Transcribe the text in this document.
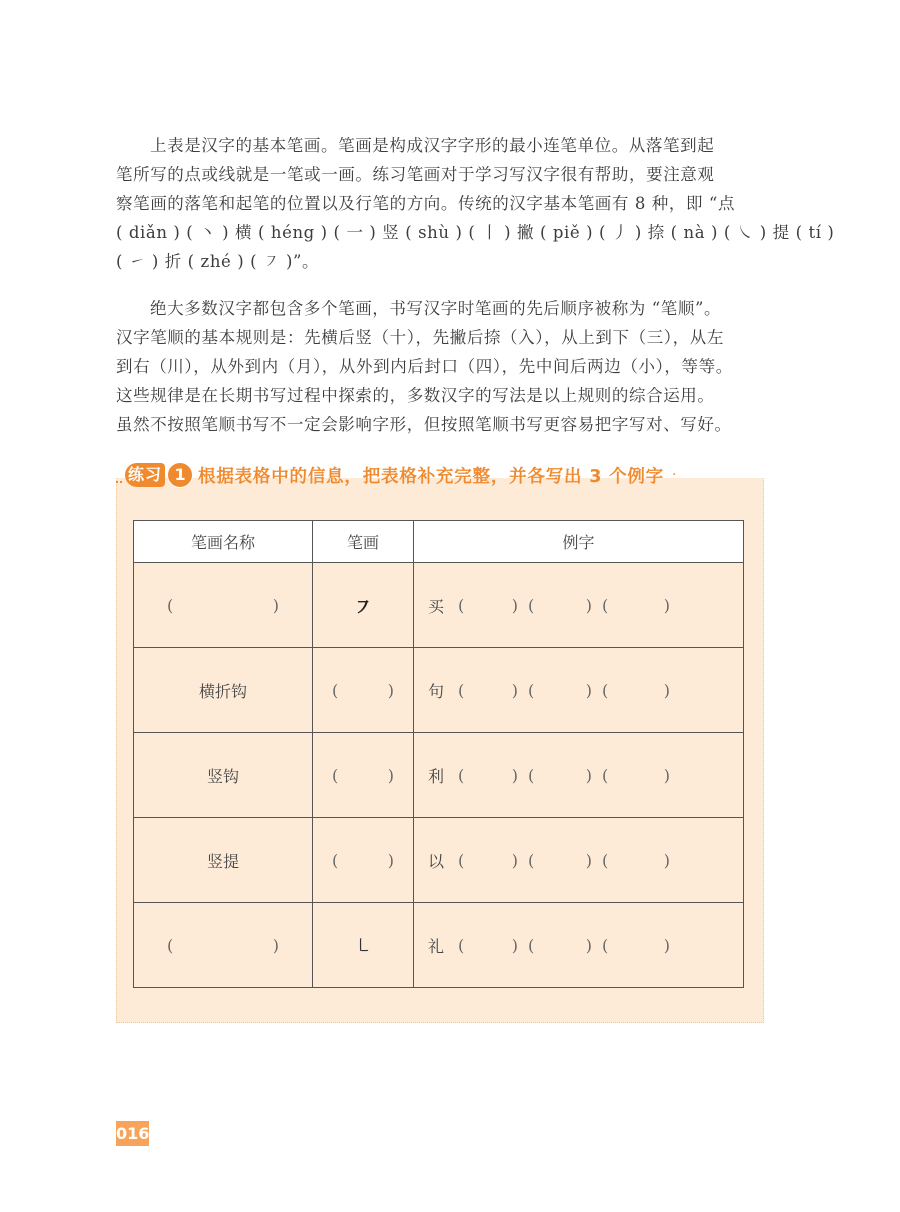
上表是汉字的基本笔画。笔画是构成汉字字形的最小连笔单位。从落笔到起
笔所写的点或线就是一笔或一画。练习笔画对于学习写汉字很有帮助，要注意观
察笔画的落笔和起笔的位置以及行笔的方向。传统的汉字基本笔画有 8 种，即 “点
( diǎn ) ( 丶 ) 横 ( héng ) ( 一 ) 竖 ( shù ) ( 丨 ) 撇 ( piě ) ( 丿 ) 捺 ( nà ) ( ㇏ ) 提 ( tí )
( ㇀ ) 折 ( zhé ) ( ㇇ )”。
绝大多数汉字都包含多个笔画，书写汉字时笔画的先后顺序被称为 “笔顺”。
汉字笔顺的基本规则是：先横后竖（十），先撇后捺（入），从上到下（三），从左
到右（川），从外到内（月），从外到内后封口（四），先中间后两边（小），等等。
这些规律是在长期书写过程中探索的，多数汉字的写法是以上规则的综合运用。
虽然不按照笔顺书写不一定会影响字形，但按照笔顺书写更容易把字写对、写好。
练习 1 根据表格中的信息，把表格补充完整，并各写出 3 个例字 ·
笔画名称	笔画	例字

(	)	㇇	买 (	) (	) (	)

横折钩	(	)	句 (	) (	) (	)

竖钩	(	)	利 (	) (	) (	)

竖提	(	)	以 (	) (	) (	)

(	)	㇄	礼 (	) (	) (	)
016
